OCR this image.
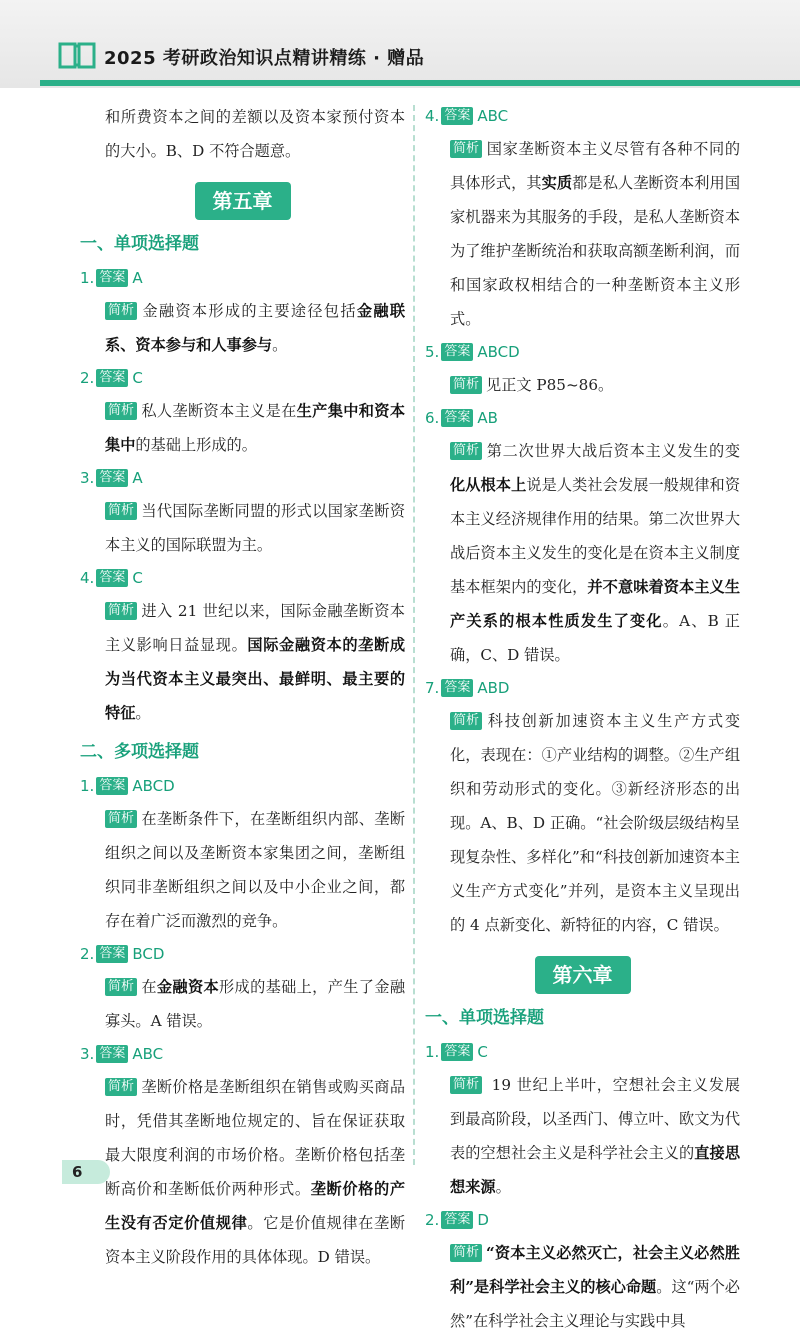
2025 考研政治知识点精讲精练 · 赠品

和所费资本之间的差额以及资本家预付资本的大小。B、D 不符合题意。

第五章
一、单项选择题
1. 答案 A

简析 金融资本形成的主要途径包括金融联系、资本参与和人事参与。

2. 答案 C

简析 私人垄断资本主义是在生产集中和资本集中的基础上形成的。

3. 答案 A

简析 当代国际垄断同盟的形式以国家垄断资本主义的国际联盟为主。

4. 答案 C

简析 进入 21 世纪以来，国际金融垄断资本主义影响日益显现。国际金融资本的垄断成为当代资本主义最突出、最鲜明、最主要的特征。

二、多项选择题
1. 答案 ABCD

简析 在垄断条件下，在垄断组织内部、垄断组织之间以及垄断资本家集团之间，垄断组织同非垄断组织之间以及中小企业之间，都存在着广泛而激烈的竞争。

2. 答案 BCD

简析 在金融资本形成的基础上，产生了金融寡头。A 错误。

3. 答案 ABC

简析 垄断价格是垄断组织在销售或购买商品时，凭借其垄断地位规定的、旨在保证获取最大限度利润的市场价格。垄断价格包括垄断高价和垄断低价两种形式。垄断价格的产生没有否定价值规律。它是价值规律在垄断资本主义阶段作用的具体体现。D 错误。

4. 答案 ABC

简析 国家垄断资本主义尽管有各种不同的具体形式，其实质都是私人垄断资本利用国家机器来为其服务的手段，是私人垄断资本为了维护垄断统治和获取高额垄断利润，而和国家政权相结合的一种垄断资本主义形式。

5. 答案 ABCD

简析 见正文 P85~86。

6. 答案 AB

简析 第二次世界大战后资本主义发生的变化从根本上说是人类社会发展一般规律和资本主义经济规律作用的结果。第二次世界大战后资本主义发生的变化是在资本主义制度基本框架内的变化，并不意味着资本主义生产关系的根本性质发生了变化。A、B 正确，C、D 错误。

7. 答案 ABD

简析 科技创新加速资本主义生产方式变化，表现在：①产业结构的调整。②生产组织和劳动形式的变化。③新经济形态的出现。A、B、D 正确。“社会阶级层级结构呈现复杂性、多样化”和“科技创新加速资本主义生产方式变化”并列，是资本主义呈现出的 4 点新变化、新特征的内容，C 错误。

第六章
一、单项选择题
1. 答案 C

简析 19 世纪上半叶，空想社会主义发展到最高阶段，以圣西门、傅立叶、欧文为代表的空想社会主义是科学社会主义的直接思想来源。

2. 答案 D

简析 “资本主义必然灭亡，社会主义必然胜利”是科学社会主义的核心命题。这“两个必然”在科学社会主义理论与实践中具

6
